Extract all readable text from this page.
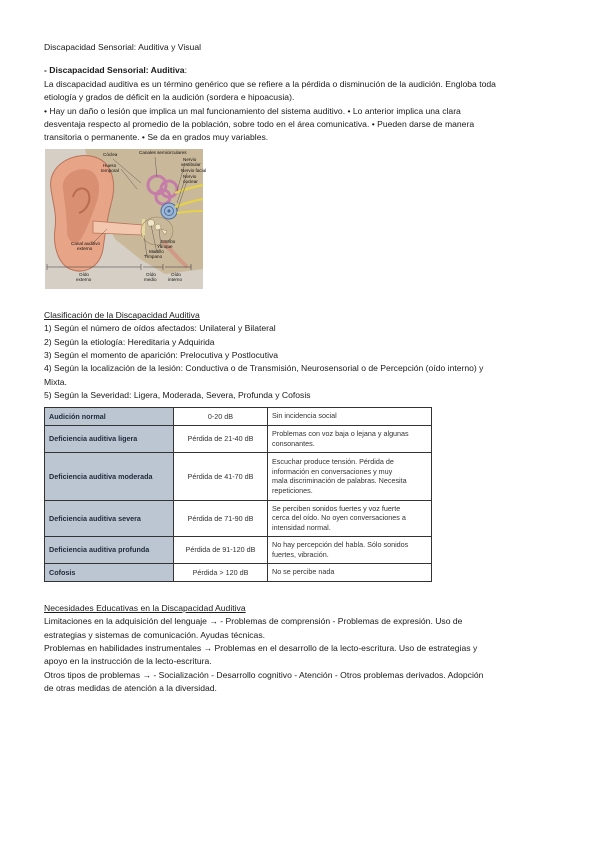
Discapacidad Sensorial: Auditiva y Visual

- Discapacidad Sensorial: Auditiva:

La discapacidad auditiva es un término genérico que se refiere a la pérdida o disminución de la audición. Engloba toda

etiología y grados de déficit en la audición (sordera e hipoacusia).

• Hay un daño o lesión que implica un mal funcionamiento del sistema auditivo. • Lo anterior implica una clara

desventaja respecto al promedio de la población, sobre todo en el área comunicativa. • Pueden darse de manera

transitoria o permanente. • Se da en grados muy variables.

Cóclea	Canales semicirculares
Hueso
temporal
Nervio
vestibular
Nervio facial
Nervio
coclear
Estribo
Yunque
Martillo
Tímpano
Canal auditivo
externo
Oído
externo
Oído
medio
Oído
interno

Clasificación de la Discapacidad Auditiva

1) Según el número de oídos afectados: Unilateral y Bilateral

2) Según la etiología: Hereditaria y Adquirida

3) Según el momento de aparición: Prelocutiva y Postlocutiva

4) Según la localización de la lesión: Conductiva o de Transmisión, Neurosensorial o de Percepción (oído interno) y

Mixta.

5) Según la Severidad: Ligera, Moderada, Severa, Profunda y Cofosis

Audición normal	0-20 dB	Sin incidencia social
Deficiencia auditiva ligera	Pérdida de 21-40 dB	Problemas con voz baja o lejana y algunas
consonantes.
Deficiencia auditiva moderada	Pérdida de 41-70 dB	Escuchar produce tensión. Pérdida de
información en conversaciones y muy
mala discriminación de palabras. Necesita
repeticiones.
Deficiencia auditiva severa	Pérdida de 71-90 dB	Se perciben sonidos fuertes y voz fuerte
cerca del oído. No oyen conversaciones a
intensidad normal.
Deficiencia auditiva profunda	Pérdida de 91-120 dB	No hay percepción del habla. Sólo sonidos
fuertes, vibración.
Cofosis	Pérdida > 120 dB	No se percibe nada

Necesidades Educativas en la Discapacidad Auditiva

Limitaciones en la adquisición del lenguaje → - Problemas de comprensión - Problemas de expresión. Uso de

estrategias y sistemas de comunicación. Ayudas técnicas.

Problemas en habilidades instrumentales → Problemas en el desarrollo de la lecto-escritura. Uso de estrategias y

apoyo en la instrucción de la lecto-escritura.

Otros tipos de problemas → - Socialización - Desarrollo cognitivo - Atención - Otros problemas derivados. Adopción

de otras medidas de atención a la diversidad.
